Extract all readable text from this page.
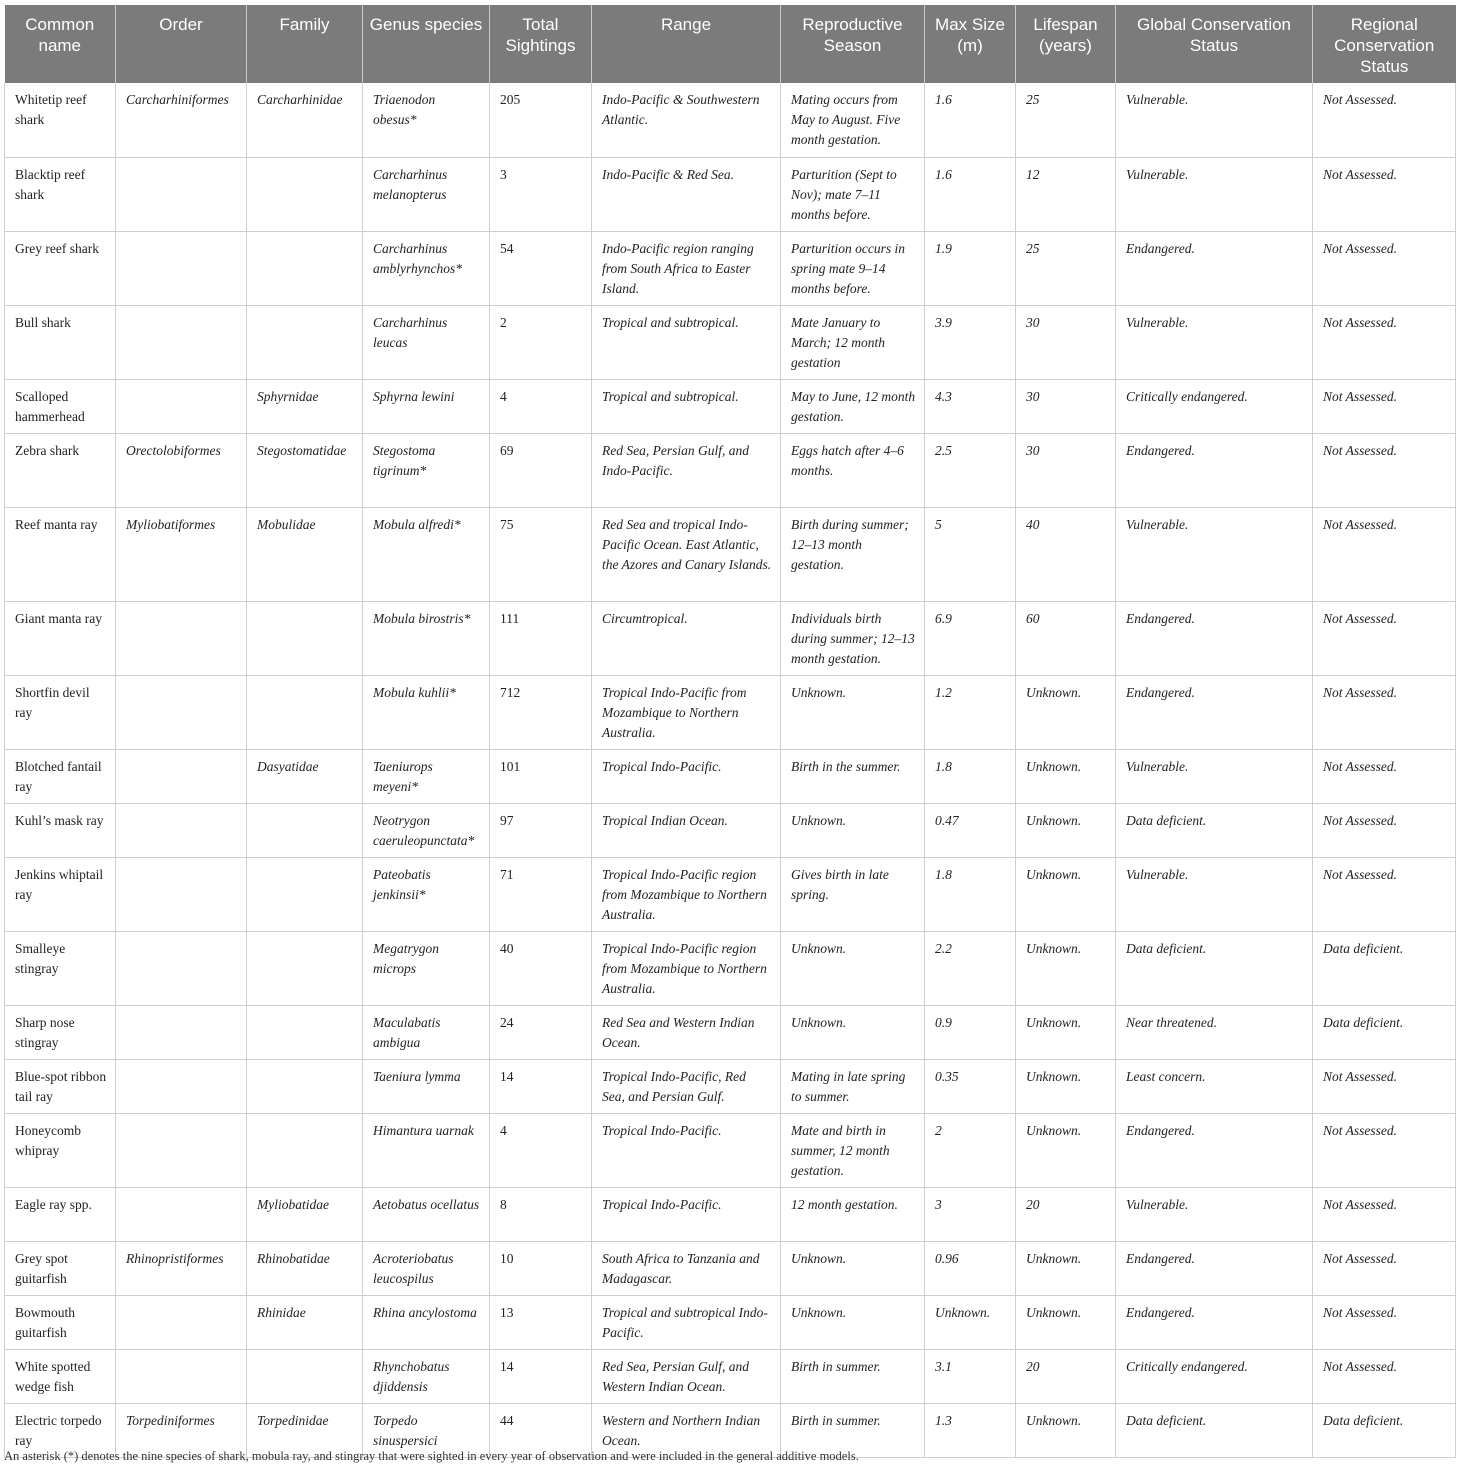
Common name	Order	Family	Genus species	Total Sightings	Range	Reproductive Season	Max Size (m)	Lifespan (years)	Global Conservation Status	Regional Conservation Status
Whitetip reef shark	Carcharhiniformes	Carcharhinidae	Triaenodon obesus*	205	Indo-Pacific & Southwestern Atlantic.	Mating occurs from May to August. Five month gestation.	1.6	25	Vulnerable.	Not Assessed.
Blacktip reef shark			Carcharhinus melanopterus	3	Indo-Pacific & Red Sea.	Parturition (Sept to Nov); mate 7–11 months before.	1.6	12	Vulnerable.	Not Assessed.
Grey reef shark			Carcharhinus amblyrhynchos*	54	Indo-Pacific region ranging from South Africa to Easter Island.	Parturition occurs in spring mate 9–14 months before.	1.9	25	Endangered.	Not Assessed.
Bull shark			Carcharhinus leucas	2	Tropical and subtropical.	Mate January to March; 12 month gestation	3.9	30	Vulnerable.	Not Assessed.
Scalloped hammerhead		Sphyrnidae	Sphyrna lewini	4	Tropical and subtropical.	May to June, 12 month gestation.	4.3	30	Critically endangered.	Not Assessed.
Zebra shark	Orectolobiformes	Stegostomatidae	Stegostoma tigrinum*	69	Red Sea, Persian Gulf, and Indo-Pacific.	Eggs hatch after 4–6 months.	2.5	30	Endangered.	Not Assessed.
Reef manta ray	Myliobatiformes	Mobulidae	Mobula alfredi*	75	Red Sea and tropical Indo-Pacific Ocean. East Atlantic, the Azores and Canary Islands.	Birth during summer; 12–13 month gestation.	5	40	Vulnerable.	Not Assessed.
Giant manta ray			Mobula birostris*	111	Circumtropical.	Individuals birth during summer; 12–13 month gestation.	6.9	60	Endangered.	Not Assessed.
Shortfin devil ray			Mobula kuhlii*	712	Tropical Indo-Pacific from Mozambique to Northern Australia.	Unknown.	1.2	Unknown.	Endangered.	Not Assessed.
Blotched fantail ray		Dasyatidae	Taeniurops meyeni*	101	Tropical Indo-Pacific.	Birth in the summer.	1.8	Unknown.	Vulnerable.	Not Assessed.
Kuhl’s mask ray			Neotrygon caeruleopunctata*	97	Tropical Indian Ocean.	Unknown.	0.47	Unknown.	Data deficient.	Not Assessed.
Jenkins whiptail ray			Pateobatis jenkinsii*	71	Tropical Indo-Pacific region from Mozambique to Northern Australia.	Gives birth in late spring.	1.8	Unknown.	Vulnerable.	Not Assessed.
Smalleye stingray			Megatrygon microps	40	Tropical Indo-Pacific region from Mozambique to Northern Australia.	Unknown.	2.2	Unknown.	Data deficient.	Data deficient.
Sharp nose stingray			Maculabatis ambigua	24	Red Sea and Western Indian Ocean.	Unknown.	0.9	Unknown.	Near threatened.	Data deficient.
Blue-spot ribbon tail ray			Taeniura lymma	14	Tropical Indo-Pacific, Red Sea, and Persian Gulf.	Mating in late spring to summer.	0.35	Unknown.	Least concern.	Not Assessed.
Honeycomb whipray			Himantura uarnak	4	Tropical Indo-Pacific.	Mate and birth in summer, 12 month gestation.	2	Unknown.	Endangered.	Not Assessed.
Eagle ray spp.		Myliobatidae	Aetobatus ocellatus	8	Tropical Indo-Pacific.	12 month gestation.	3	20	Vulnerable.	Not Assessed.
Grey spot guitarfish	Rhinopristiformes	Rhinobatidae	Acroteriobatus leucospilus	10	South Africa to Tanzania and Madagascar.	Unknown.	0.96	Unknown.	Endangered.	Not Assessed.
Bowmouth guitarfish		Rhinidae	Rhina ancylostoma	13	Tropical and subtropical Indo-Pacific.	Unknown.	Unknown.	Unknown.	Endangered.	Not Assessed.
White spotted wedge fish			Rhynchobatus djiddensis	14	Red Sea, Persian Gulf, and Western Indian Ocean.	Birth in summer.	3.1	20	Critically endangered.	Not Assessed.
Electric torpedo ray	Torpediniformes	Torpedinidae	Torpedo sinuspersici	44	Western and Northern Indian Ocean.	Birth in summer.	1.3	Unknown.	Data deficient.	Data deficient.
An asterisk (*) denotes the nine species of shark, mobula ray, and stingray that were sighted in every year of observation and were included in the general additive models.
